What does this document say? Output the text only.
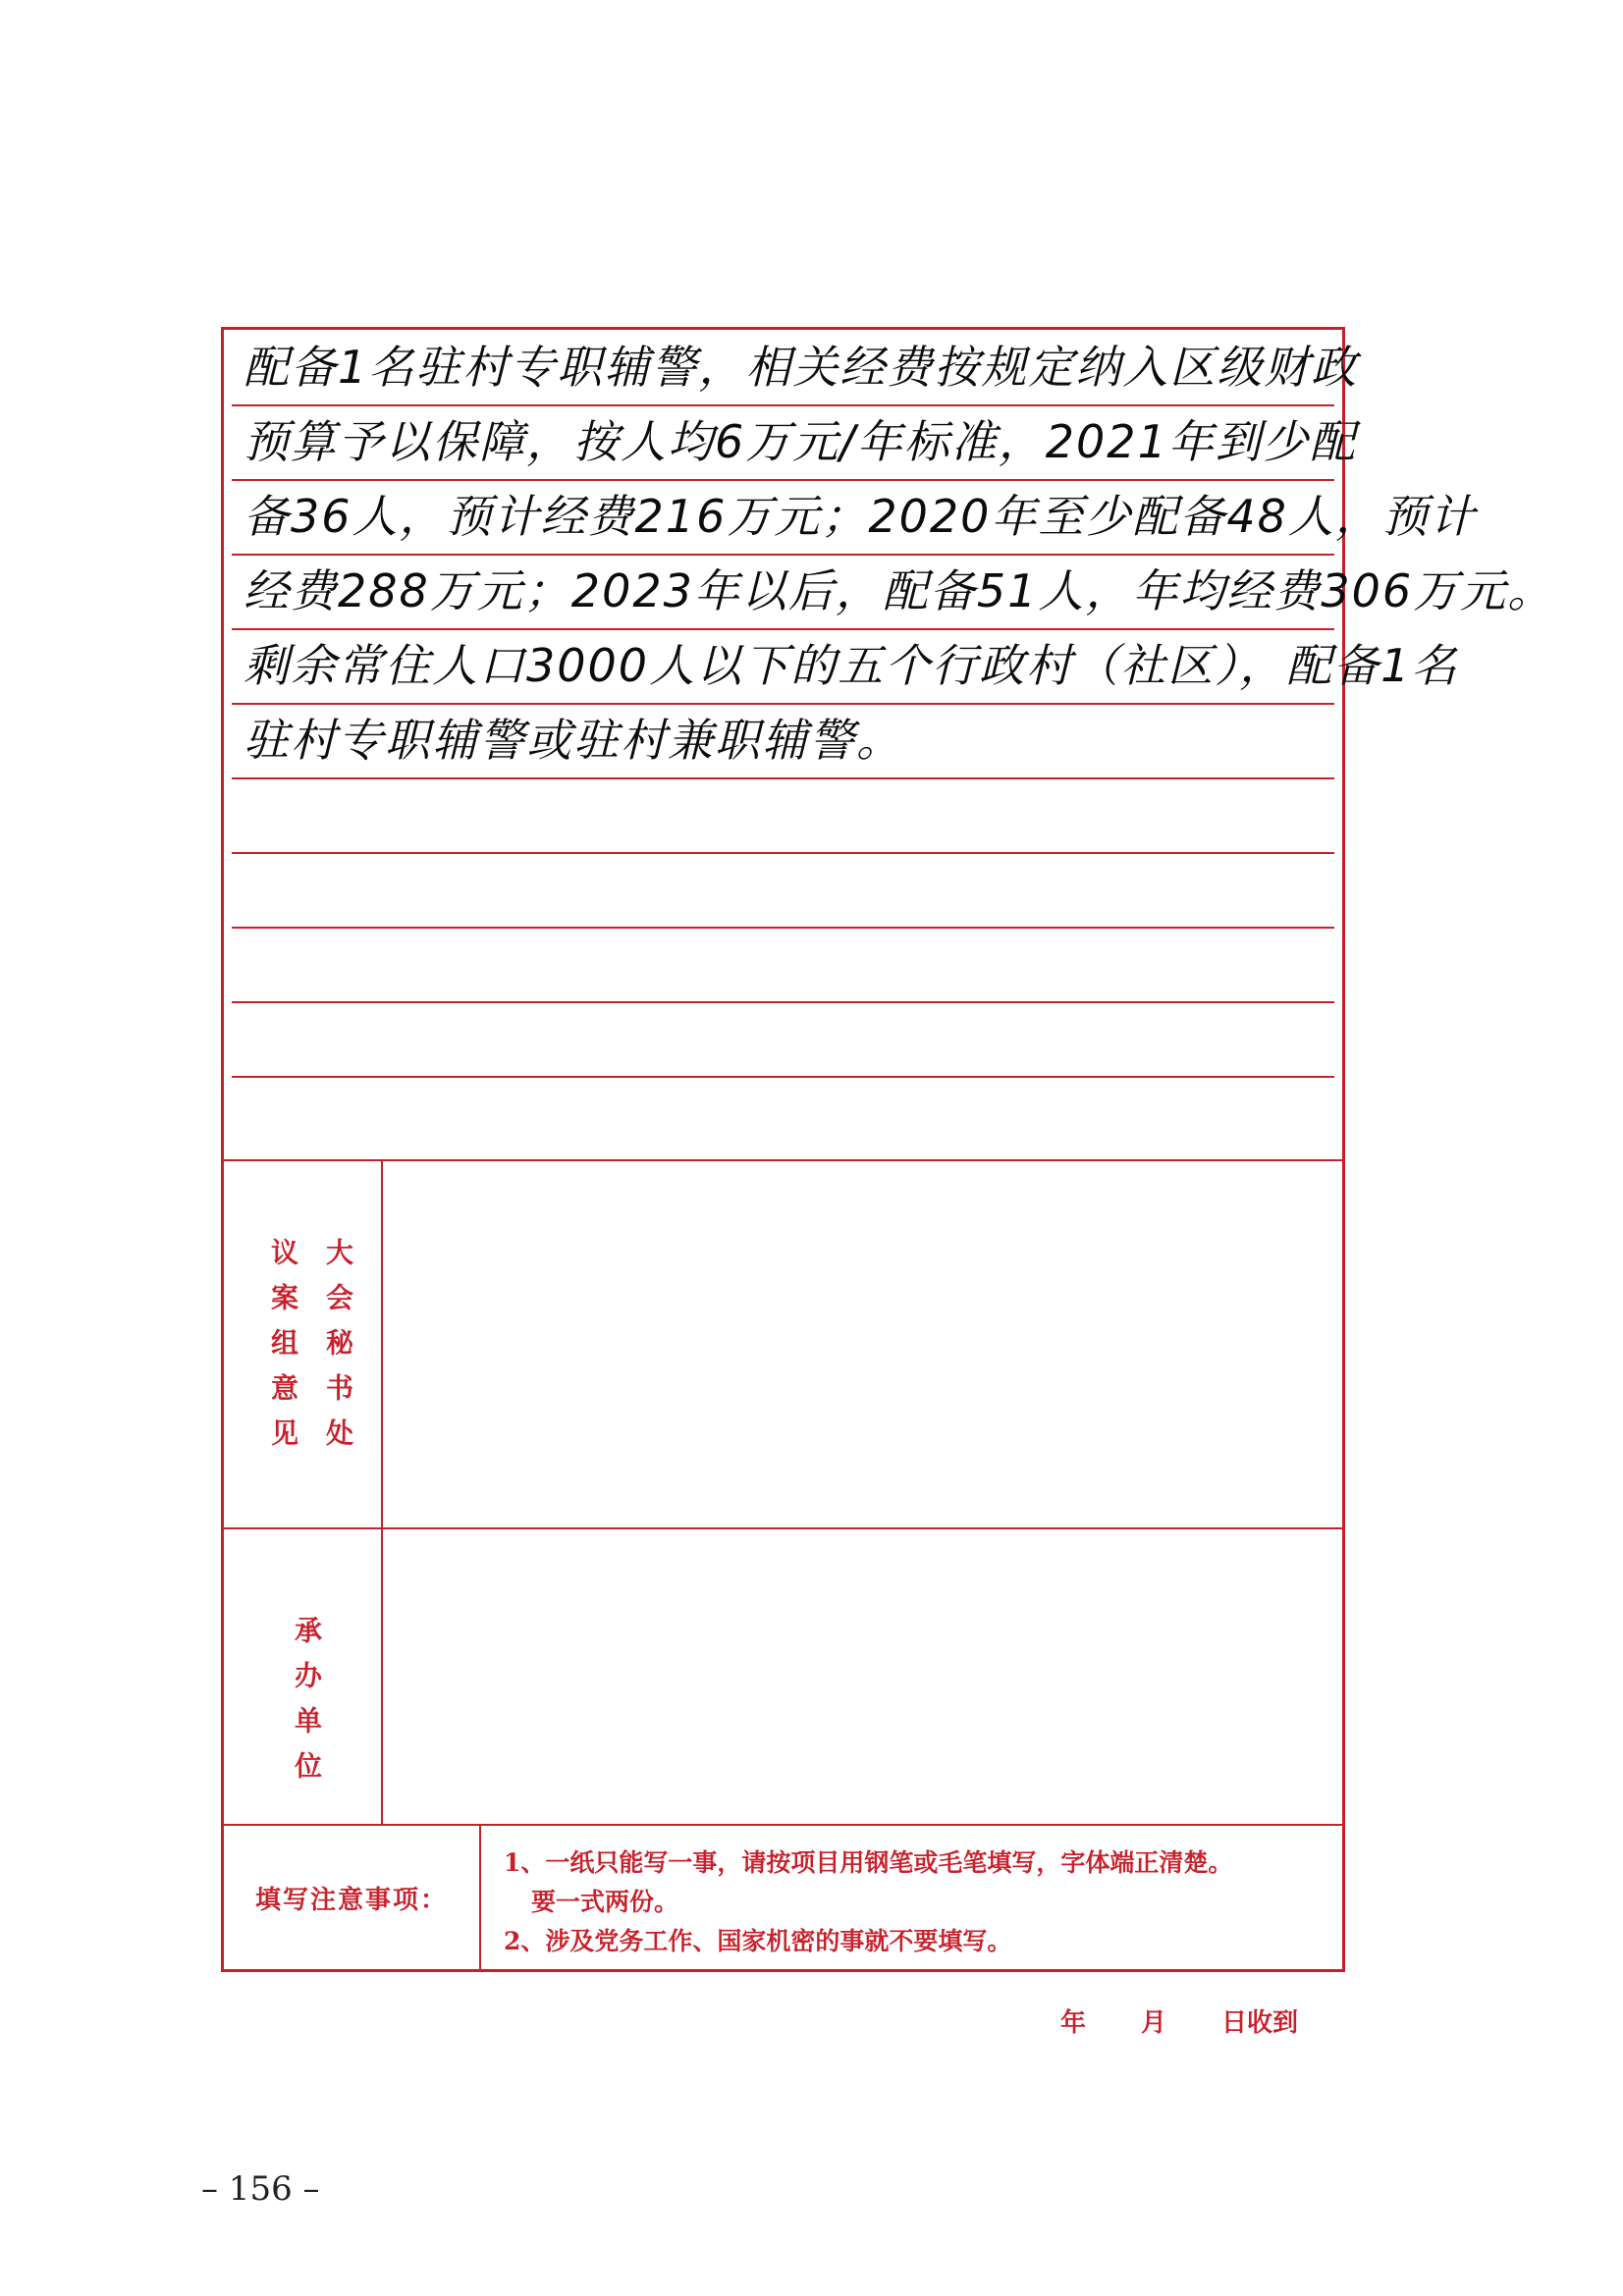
配备1名驻村专职辅警，相关经费按规定纳入区级财政
预算予以保障，按人均6万元/年标准，2021年到少配
备36人，预计经费216万元；2020年至少配备48人，预计
经费288万元；2023年以后，配备51人，年均经费306万元。
剩余常住人口3000人以下的五个行政村（社区），配备1名
驻村专职辅警或驻村兼职辅警。
议案组意见 大会秘书处
承办单位
填写注意事项：

1、一纸只能写一事，请按项目用钢笔或毛笔填写，字体端正清楚。

要一式两份。

2、涉及党务工作、国家机密的事就不要填写。

年 月 日收到
– 156 –
